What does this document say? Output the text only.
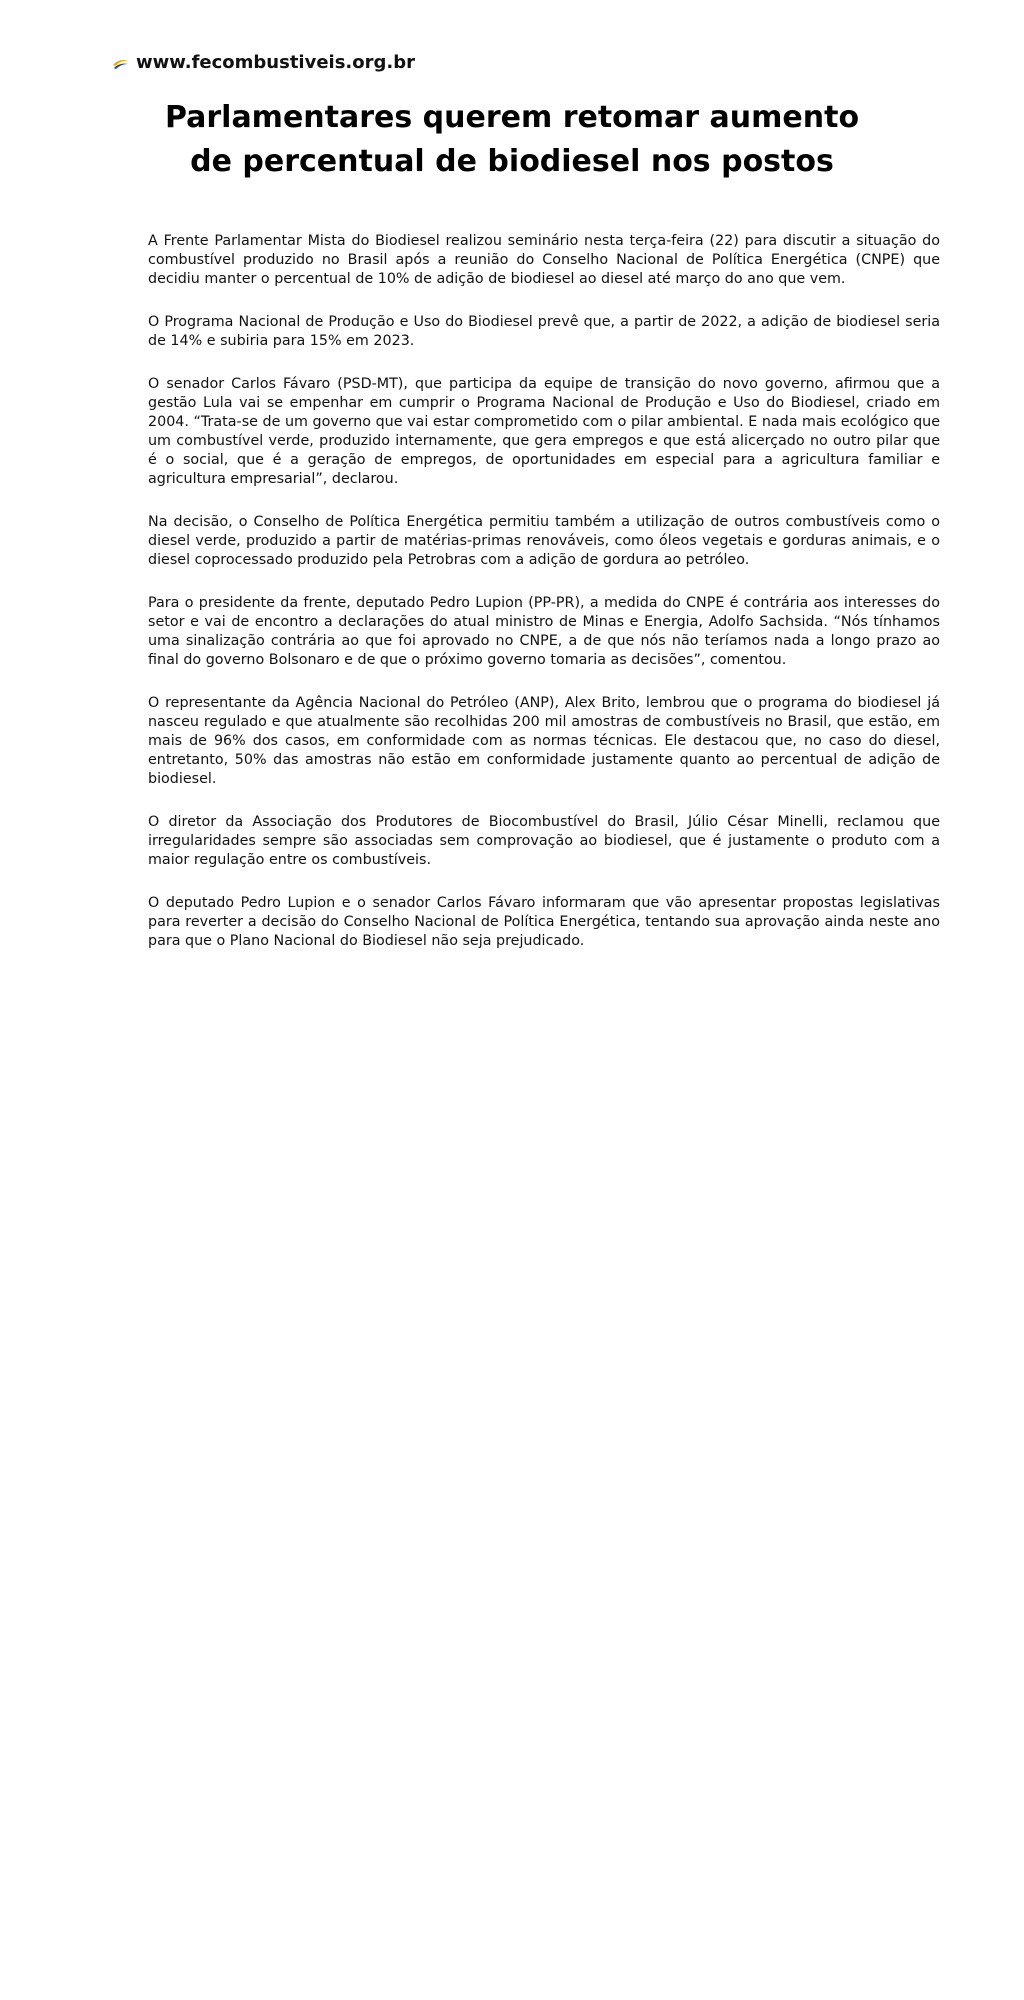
www.fecombustiveis.org.br
Parlamentares querem retomar aumento de percentual de biodiesel nos postos

A Frente Parlamentar Mista do Biodiesel realizou seminário nesta terça-feira (22) para discutir a situação do combustível produzido no Brasil após a reunião do Conselho Nacional de Política Energética (CNPE) que decidiu manter o percentual de 10% de adição de biodiesel ao diesel até março do ano que vem.

O Programa Nacional de Produção e Uso do Biodiesel prevê que, a partir de 2022, a adição de biodiesel seria de 14% e subiria para 15% em 2023.

O senador Carlos Fávaro (PSD-MT), que participa da equipe de transição do novo governo, afirmou que a gestão Lula vai se empenhar em cumprir o Programa Nacional de Produção e Uso do Biodiesel, criado em 2004. “Trata-se de um governo que vai estar comprometido com o pilar ambiental. E nada mais ecológico que um combustível verde, produzido internamente, que gera empregos e que está alicerçado no outro pilar que é o social, que é a geração de empregos, de oportunidades em especial para a agricultura familiar e agricultura empresarial”, declarou.

Na decisão, o Conselho de Política Energética permitiu também a utilização de outros combustíveis como o diesel verde, produzido a partir de matérias-primas renováveis, como óleos vegetais e gorduras animais, e o diesel coprocessado produzido pela Petrobras com a adição de gordura ao petróleo.

Para o presidente da frente, deputado Pedro Lupion (PP-PR), a medida do CNPE é contrária aos interesses do setor e vai de encontro a declarações do atual ministro de Minas e Energia, Adolfo Sachsida. “Nós tínhamos uma sinalização contrária ao que foi aprovado no CNPE, a de que nós não teríamos nada a longo prazo ao final do governo Bolsonaro e de que o próximo governo tomaria as decisões”, comentou.

O representante da Agência Nacional do Petróleo (ANP), Alex Brito, lembrou que o programa do biodiesel já nasceu regulado e que atualmente são recolhidas 200 mil amostras de combustíveis no Brasil, que estão, em mais de 96% dos casos, em conformidade com as normas técnicas. Ele destacou que, no caso do diesel, entretanto, 50% das amostras não estão em conformidade justamente quanto ao percentual de adição de biodiesel.

O diretor da Associação dos Produtores de Biocombustível do Brasil, Júlio César Minelli, reclamou que irregularidades sempre são associadas sem comprovação ao biodiesel, que é justamente o produto com a maior regulação entre os combustíveis.

O deputado Pedro Lupion e o senador Carlos Fávaro informaram que vão apresentar propostas legislativas para reverter a decisão do Conselho Nacional de Política Energética, tentando sua aprovação ainda neste ano para que o Plano Nacional do Biodiesel não seja prejudicado.
